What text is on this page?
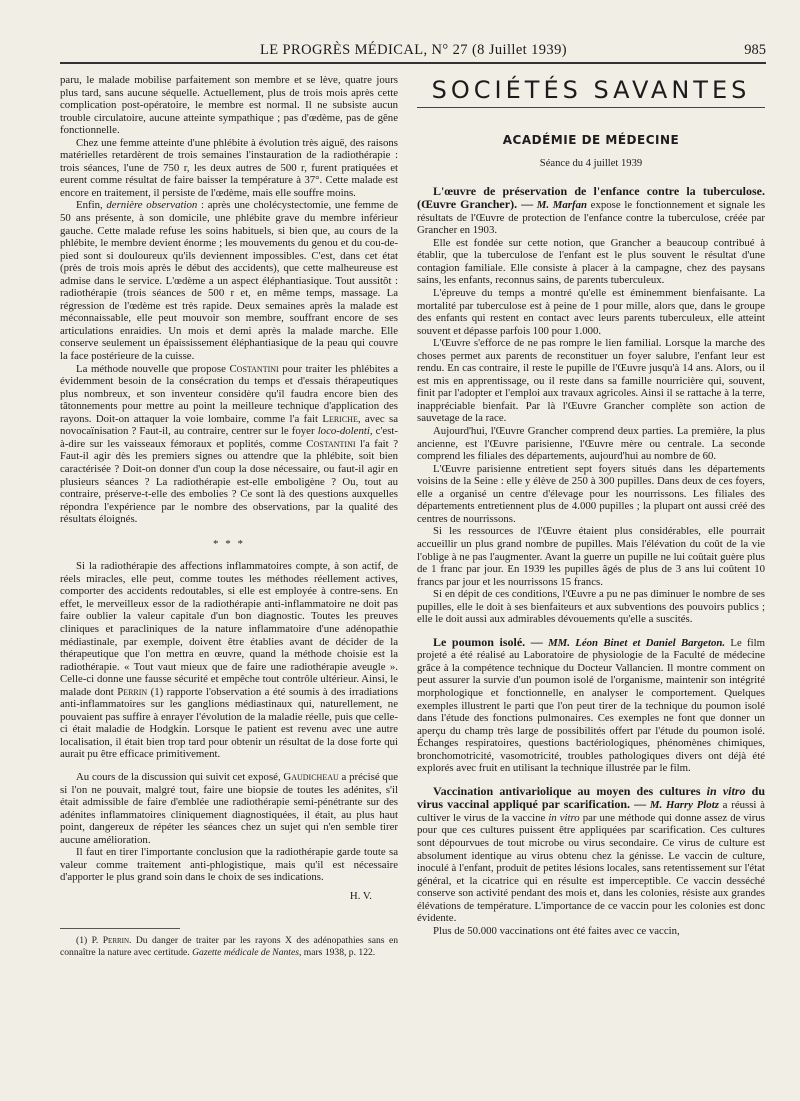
LE PROGRÈS MÉDICAL, N° 27 (8 Juillet 1939)	985

paru, le malade mobilise parfaitement son membre et se lève, quatre jours plus tard, sans aucune séquelle. Actuellement, plus de trois mois après cette complication post-opératoire, le membre est normal. Il ne subsiste aucun trouble circulatoire, aucune atteinte sympathique ; pas d'œdème, pas de gêne fonctionnelle.

Chez une femme atteinte d'une phlébite à évolution très aiguë, des raisons matérielles retardèrent de trois semaines l'instauration de la radiothérapie : trois séances, l'une de 750 r, les deux autres de 500 r, furent pratiquées et eurent comme résultat de faire baisser la température à 37°. Cette malade est encore en traitement, il persiste de l'œdème, mais elle souffre moins.

Enfin, dernière observation : après une cholécystectomie, une femme de 50 ans présente, à son domicile, une phlébite grave du membre inférieur gauche. Cette malade refuse les soins habituels, si bien que, au cours de la phlébite, le membre devient énorme ; les mouvements du genou et du cou-de-pied sont si douloureux qu'ils deviennent impossibles. C'est, dans cet état (près de trois mois après le début des accidents), que cette malheureuse est admise dans le service. L'œdème a un aspect éléphantiasique. Tout aussitôt : radiothérapie (trois séances de 500 r et, en même temps, massage. La régression de l'œdème est très rapide. Deux semaines après la malade est méconnaissable, elle peut mouvoir son membre, souffrant encore de ses articulations enraidies. Un mois et demi après la malade marche. Elle conserve seulement un épaississement éléphantiasique de la peau qui couvre la face postérieure de la cuisse.

La méthode nouvelle que propose Costantini pour traiter les phlébites a évidemment besoin de la consécration du temps et d'essais thérapeutiques plus nombreux, et son inventeur considère qu'il faudra encore bien des tâtonnements pour mettre au point la meilleure technique d'application des rayons. Doit-on attaquer la voie lombaire, comme l'a fait Leriche, avec sa novocaïnisation ? Faut-il, au contraire, centrer sur le foyer loco-dolenti, c'est-à-dire sur les vaisseaux fémoraux et poplités, comme Costantini l'a fait ? Faut-il agir dès les premiers signes ou attendre que la phlébite, soit bien caractérisée ? Doit-on donner d'un coup la dose nécessaire, ou faut-il agir en plusieurs séances ? La radiothérapie est-elle emboligène ? Ou, tout au contraire, préserve-t-elle des embolies ? Ce sont là des questions auxquelles répondra l'expérience par le nombre des observations, par la qualité des résultats éloignés.

* * *

Si la radiothérapie des affections inflammatoires compte, à son actif, de réels miracles, elle peut, comme toutes les méthodes réellement actives, comporter des accidents redoutables, si elle est employée à contre-sens. En effet, le merveilleux essor de la radiothérapie anti-inflammatoire ne doit pas faire oublier la valeur capitale d'un bon diagnostic. Toutes les preuves cliniques et paracliniques de la nature inflammatoire d'une adénopathie médiastinale, par exemple, doivent être établies avant de décider de la thérapeutique que l'on mettra en œuvre, quand la méthode choisie est la radiothérapie. « Tout vaut mieux que de faire une radiothérapie aveugle ». Celle-ci donne une fausse sécurité et empêche tout contrôle ultérieur. Ainsi, le malade dont Perrin (1) rapporte l'observation a été soumis à des irradiations anti-inflammatoires sur les ganglions médiastinaux qui, naturellement, ne pouvaient pas suffire à enrayer l'évolution de la maladie réelle, puis que celle-ci était maladie de Hodgkin. Lorsque le patient est revenu avec une autre localisation, il était bien trop tard pour obtenir un résultat de la dose forte qui aurait pu être efficace primitivement.

Au cours de la discussion qui suivit cet exposé, Gaudicheau a précisé que si l'on ne pouvait, malgré tout, faire une biopsie de toutes les adénites, s'il était admissible de faire d'emblée une radiothérapie semi-pénétrante sur des adénites inflammatoires cliniquement diagnostiquées, il était, au plus haut point, dangereux de répéter les séances chez un sujet qui n'en semble tirer aucune amélioration.

Il faut en tirer l'importante conclusion que la radiothérapie garde toute sa valeur comme traitement anti-phlogistique, mais qu'il est nécessaire d'apporter le plus grand soin dans le choix de ses indications.

H. V.

(1) P. Perrin. Du danger de traiter par les rayons X des adénopathies sans en connaître la nature avec certitude. Gazette médicale de Nantes, mars 1938, p. 122.

SOCIÉTÉS SAVANTES
ACADÉMIE DE MÉDECINE
Séance du 4 juillet 1939

L'œuvre de préservation de l'enfance contre la tuberculose. (Œuvre Grancher). — M. Marfan expose le fonctionnement et signale les résultats de l'Œuvre de protection de l'enfance contre la tuberculose, créée par Grancher en 1903.

Elle est fondée sur cette notion, que Grancher a beaucoup contribué à établir, que la tuberculose de l'enfant est le plus souvent le résultat d'une contagion familiale. Elle consiste à placer à la campagne, chez des paysans sains, les enfants, reconnus sains, de parents tuberculeux.

L'épreuve du temps a montré qu'elle est éminemment bienfaisante. La mortalité par tuberculose est à peine de 1 pour mille, alors que, dans le groupe des enfants qui restent en contact avec leurs parents tuberculeux, elle atteint souvent et dépasse parfois 100 pour 1.000.

L'Œuvre s'efforce de ne pas rompre le lien familial. Lorsque la marche des choses permet aux parents de reconstituer un foyer salubre, l'enfant leur est rendu. En cas contraire, il reste le pupille de l'Œuvre jusqu'à 14 ans. Alors, ou il est mis en apprentissage, ou il reste dans sa famille nourricière qui, souvent, finit par l'adopter et l'emploi aux travaux agricoles. Ainsi il se rattache à la terre, inappréciable bienfait. Par là l'Œuvre Grancher complète son action de sauvetage de la race.

Aujourd'hui, l'Œuvre Grancher comprend deux parties. La première, la plus ancienne, est l'Œuvre parisienne, l'Œuvre mère ou centrale. La seconde comprend les filiales des départements, aujourd'hui au nombre de 60.

L'Œuvre parisienne entretient sept foyers situés dans les départements voisins de la Seine : elle y élève de 250 à 300 pupilles. Dans deux de ces foyers, elle a organisé un centre d'élevage pour les nourrissons. Les filiales des départements entretiennent plus de 4.000 pupilles ; la plupart ont aussi créé des centres de nourrissons.

Si les ressources de l'Œuvre étaient plus considérables, elle pourrait accueillir un plus grand nombre de pupilles. Mais l'élévation du coût de la vie l'oblige à ne pas l'augmenter. Avant la guerre un pupille ne lui coûtait guère plus de 1 franc par jour. En 1939 les pupilles âgés de plus de 3 ans lui coûtent 10 francs par jour et les nourrissons 15 francs.

Si en dépit de ces conditions, l'Œuvre a pu ne pas diminuer le nombre de ses pupilles, elle le doit à ses bienfaiteurs et aux subventions des pouvoirs publics ; elle le doit aussi aux admirables dévouements qu'elle a suscités.

Le poumon isolé. — MM. Léon Binet et Daniel Bargeton. Le film projeté a été réalisé au Laboratoire de physiologie de la Faculté de médecine grâce à la compétence technique du Docteur Vallancien. Il montre comment on peut assurer la survie d'un poumon isolé de l'organisme, maintenir son intégrité morphologique et fonctionnelle, en analyser le comportement. Quelques exemples illustrent le parti que l'on peut tirer de la technique du poumon isolé dans l'étude des fonctions pulmonaires. Ces exemples ne font que donner un aperçu du champ très large de possibilités offert par l'étude du poumon isolé. Échanges respiratoires, questions bactériologiques, phénomènes chimiques, bronchomotricité, vasomotricité, troubles pathologiques divers ont déjà été explorés avec fruit en utilisant la technique illustrée par le film.

Vaccination antivariolique au moyen des cultures in vitro du virus vaccinal appliqué par scarification. — M. Harry Plotz a réussi à cultiver le virus de la vaccine in vitro par une méthode qui donne assez de virus pour que ces cultures puissent être appliquées par scarification. Ces cultures sont dépourvues de tout microbe ou virus secondaire. Ce virus de culture est absolument identique au virus obtenu chez la génisse. Le vaccin de culture, inoculé à l'enfant, produit de petites lésions locales, sans retentissement sur l'état général, et la cicatrice qui en résulte est imperceptible. Ce vaccin desséché conserve son activité pendant des mois et, dans les colonies, résiste aux grandes élévations de température. L'importance de ce vaccin pour les colonies est donc évidente.

Plus de 50.000 vaccinations ont été faites avec ce vaccin,
